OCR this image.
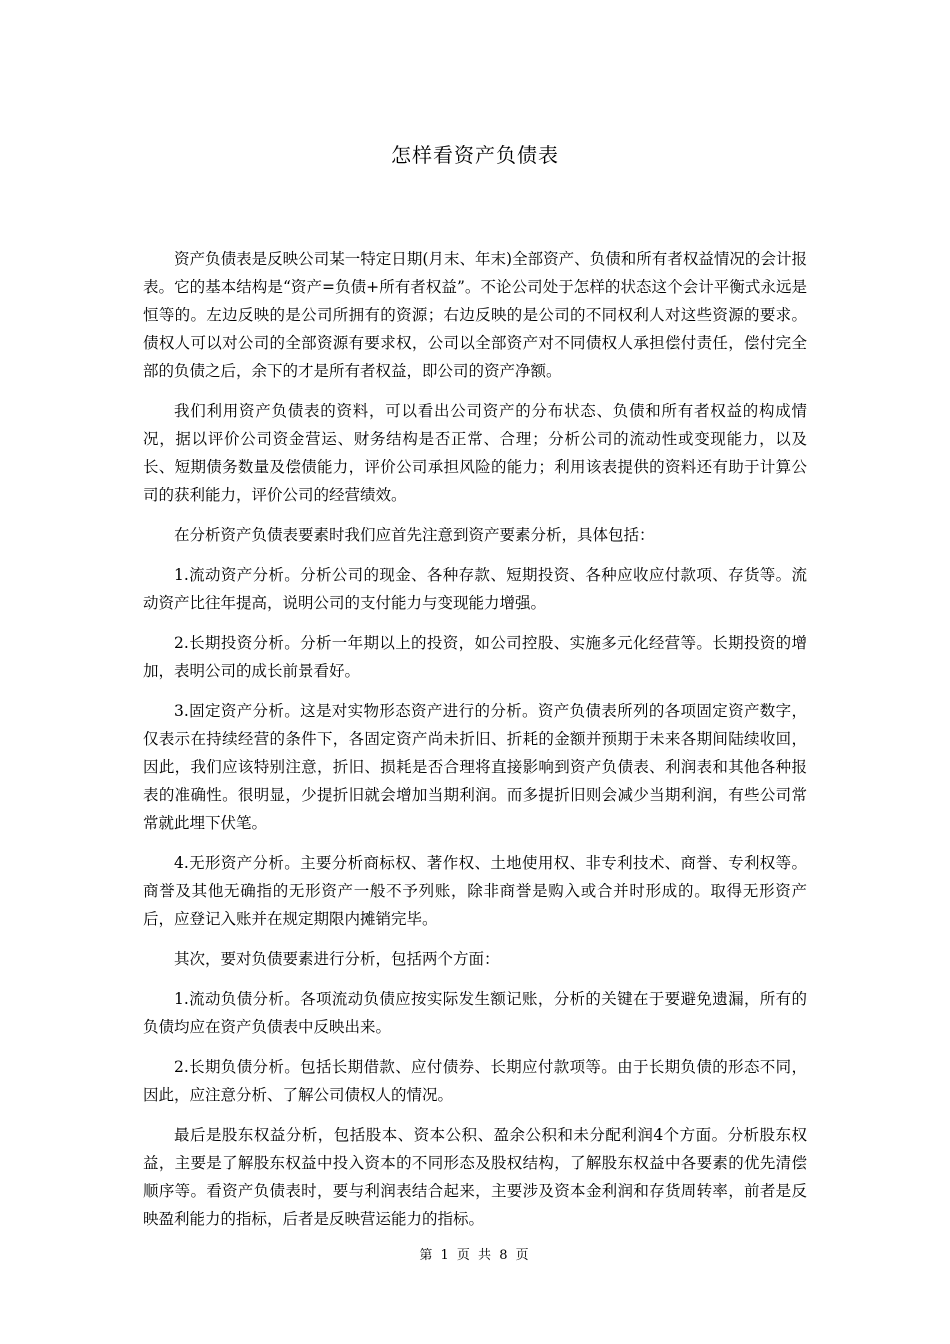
怎样看资产负债表

资产负债表是反映公司某一特定日期(月末、年末)全部资产、负债和所有者权益情况的会计报表。它的基本结构是“资产=负债+所有者权益”。不论公司处于怎样的状态这个会计平衡式永远是恒等的。左边反映的是公司所拥有的资源；右边反映的是公司的不同权利人对这些资源的要求。债权人可以对公司的全部资源有要求权，公司以全部资产对不同债权人承担偿付责任，偿付完全部的负债之后，余下的才是所有者权益，即公司的资产净额。

我们利用资产负债表的资料，可以看出公司资产的分布状态、负债和所有者权益的构成情况，据以评价公司资金营运、财务结构是否正常、合理；分析公司的流动性或变现能力，以及长、短期债务数量及偿债能力，评价公司承担风险的能力；利用该表提供的资料还有助于计算公司的获利能力，评价公司的经营绩效。

在分析资产负债表要素时我们应首先注意到资产要素分析，具体包括：

1.流动资产分析。分析公司的现金、各种存款、短期投资、各种应收应付款项、存货等。流动资产比往年提高，说明公司的支付能力与变现能力增强。

2.长期投资分析。分析一年期以上的投资，如公司控股、实施多元化经营等。长期投资的增加，表明公司的成长前景看好。

3.固定资产分析。这是对实物形态资产进行的分析。资产负债表所列的各项固定资产数字，仅表示在持续经营的条件下，各固定资产尚未折旧、折耗的金额并预期于未来各期间陆续收回，因此，我们应该特别注意，折旧、损耗是否合理将直接影响到资产负债表、利润表和其他各种报表的准确性。很明显，少提折旧就会增加当期利润。而多提折旧则会减少当期利润，有些公司常常就此埋下伏笔。

4.无形资产分析。主要分析商标权、著作权、土地使用权、非专利技术、商誉、专利权等。商誉及其他无确指的无形资产一般不予列账，除非商誉是购入或合并时形成的。取得无形资产后，应登记入账并在规定期限内摊销完毕。

其次，要对负债要素进行分析，包括两个方面：

1.流动负债分析。各项流动负债应按实际发生额记账，分析的关键在于要避免遗漏，所有的负债均应在资产负债表中反映出来。

2.长期负债分析。包括长期借款、应付债券、长期应付款项等。由于长期负债的形态不同，因此，应注意分析、了解公司债权人的情况。

最后是股东权益分析，包括股本、资本公积、盈余公积和未分配利润4个方面。分析股东权益，主要是了解股东权益中投入资本的不同形态及股权结构，了解股东权益中各要素的优先清偿顺序等。看资产负债表时，要与利润表结合起来，主要涉及资本金利润和存货周转率，前者是反映盈利能力的指标，后者是反映营运能力的指标。

第 1 页 共 8 页
